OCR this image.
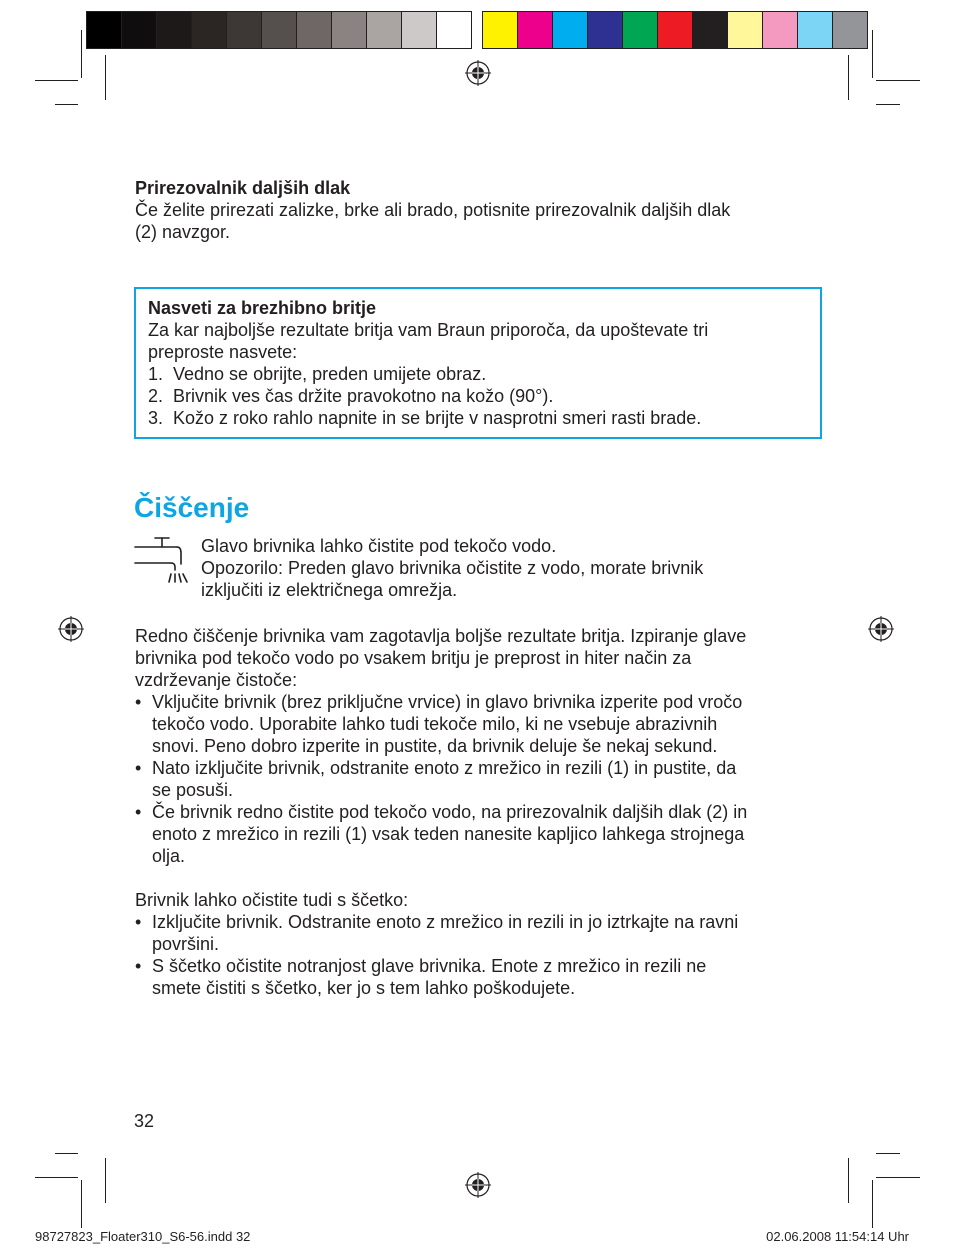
Prirezovalnik daljših dlak
Če želite prirezati zalizke, brke ali brado, potisnite prirezovalnik daljših dlak
(2) navzgor.
Nasveti za brezhibno britje
Za kar najboljše rezultate britja vam Braun priporoča, da upoštevate tri
preproste nasvete:
1. Vedno se obrijte, preden umijete obraz.
2. Brivnik ves čas držite pravokotno na kožo (90°).
3. Kožo z roko rahlo napnite in se brijte v nasprotni smeri rasti brade.
Čiščenje
Glavo brivnika lahko čistite pod tekočo vodo.
Opozorilo: Preden glavo brivnika očistite z vodo, morate brivnik
izključiti iz električnega omrežja.
Redno čiščenje brivnika vam zagotavlja boljše rezultate britja. Izpiranje glave
brivnika pod tekočo vodo po vsakem britju je preprost in hiter način za
vzdrževanje čistoče:
• Vključite brivnik (brez priključne vrvice) in glavo brivnika izperite pod vročo
tekočo vodo. Uporabite lahko tudi tekoče milo, ki ne vsebuje abrazivnih
snovi. Peno dobro izperite in pustite, da brivnik deluje še nekaj sekund.
• Nato izključite brivnik, odstranite enoto z mrežico in rezili (1) in pustite, da
se posuši.
• Če brivnik redno čistite pod tekočo vodo, na prirezovalnik daljših dlak (2) in
enoto z mrežico in rezili (1) vsak teden nanesite kapljico lahkega strojnega
olja.
Brivnik lahko očistite tudi s ščetko:
• Izključite brivnik. Odstranite enoto z mrežico in rezili in jo iztrkajte na ravni
površini.
• S ščetko očistite notranjost glave brivnika. Enote z mrežico in rezili ne
smete čistiti s ščetko, ker jo s tem lahko poškodujete.
32
98727823_Floater310_S6-56.indd 32	02.06.2008 11:54:14 Uhr
